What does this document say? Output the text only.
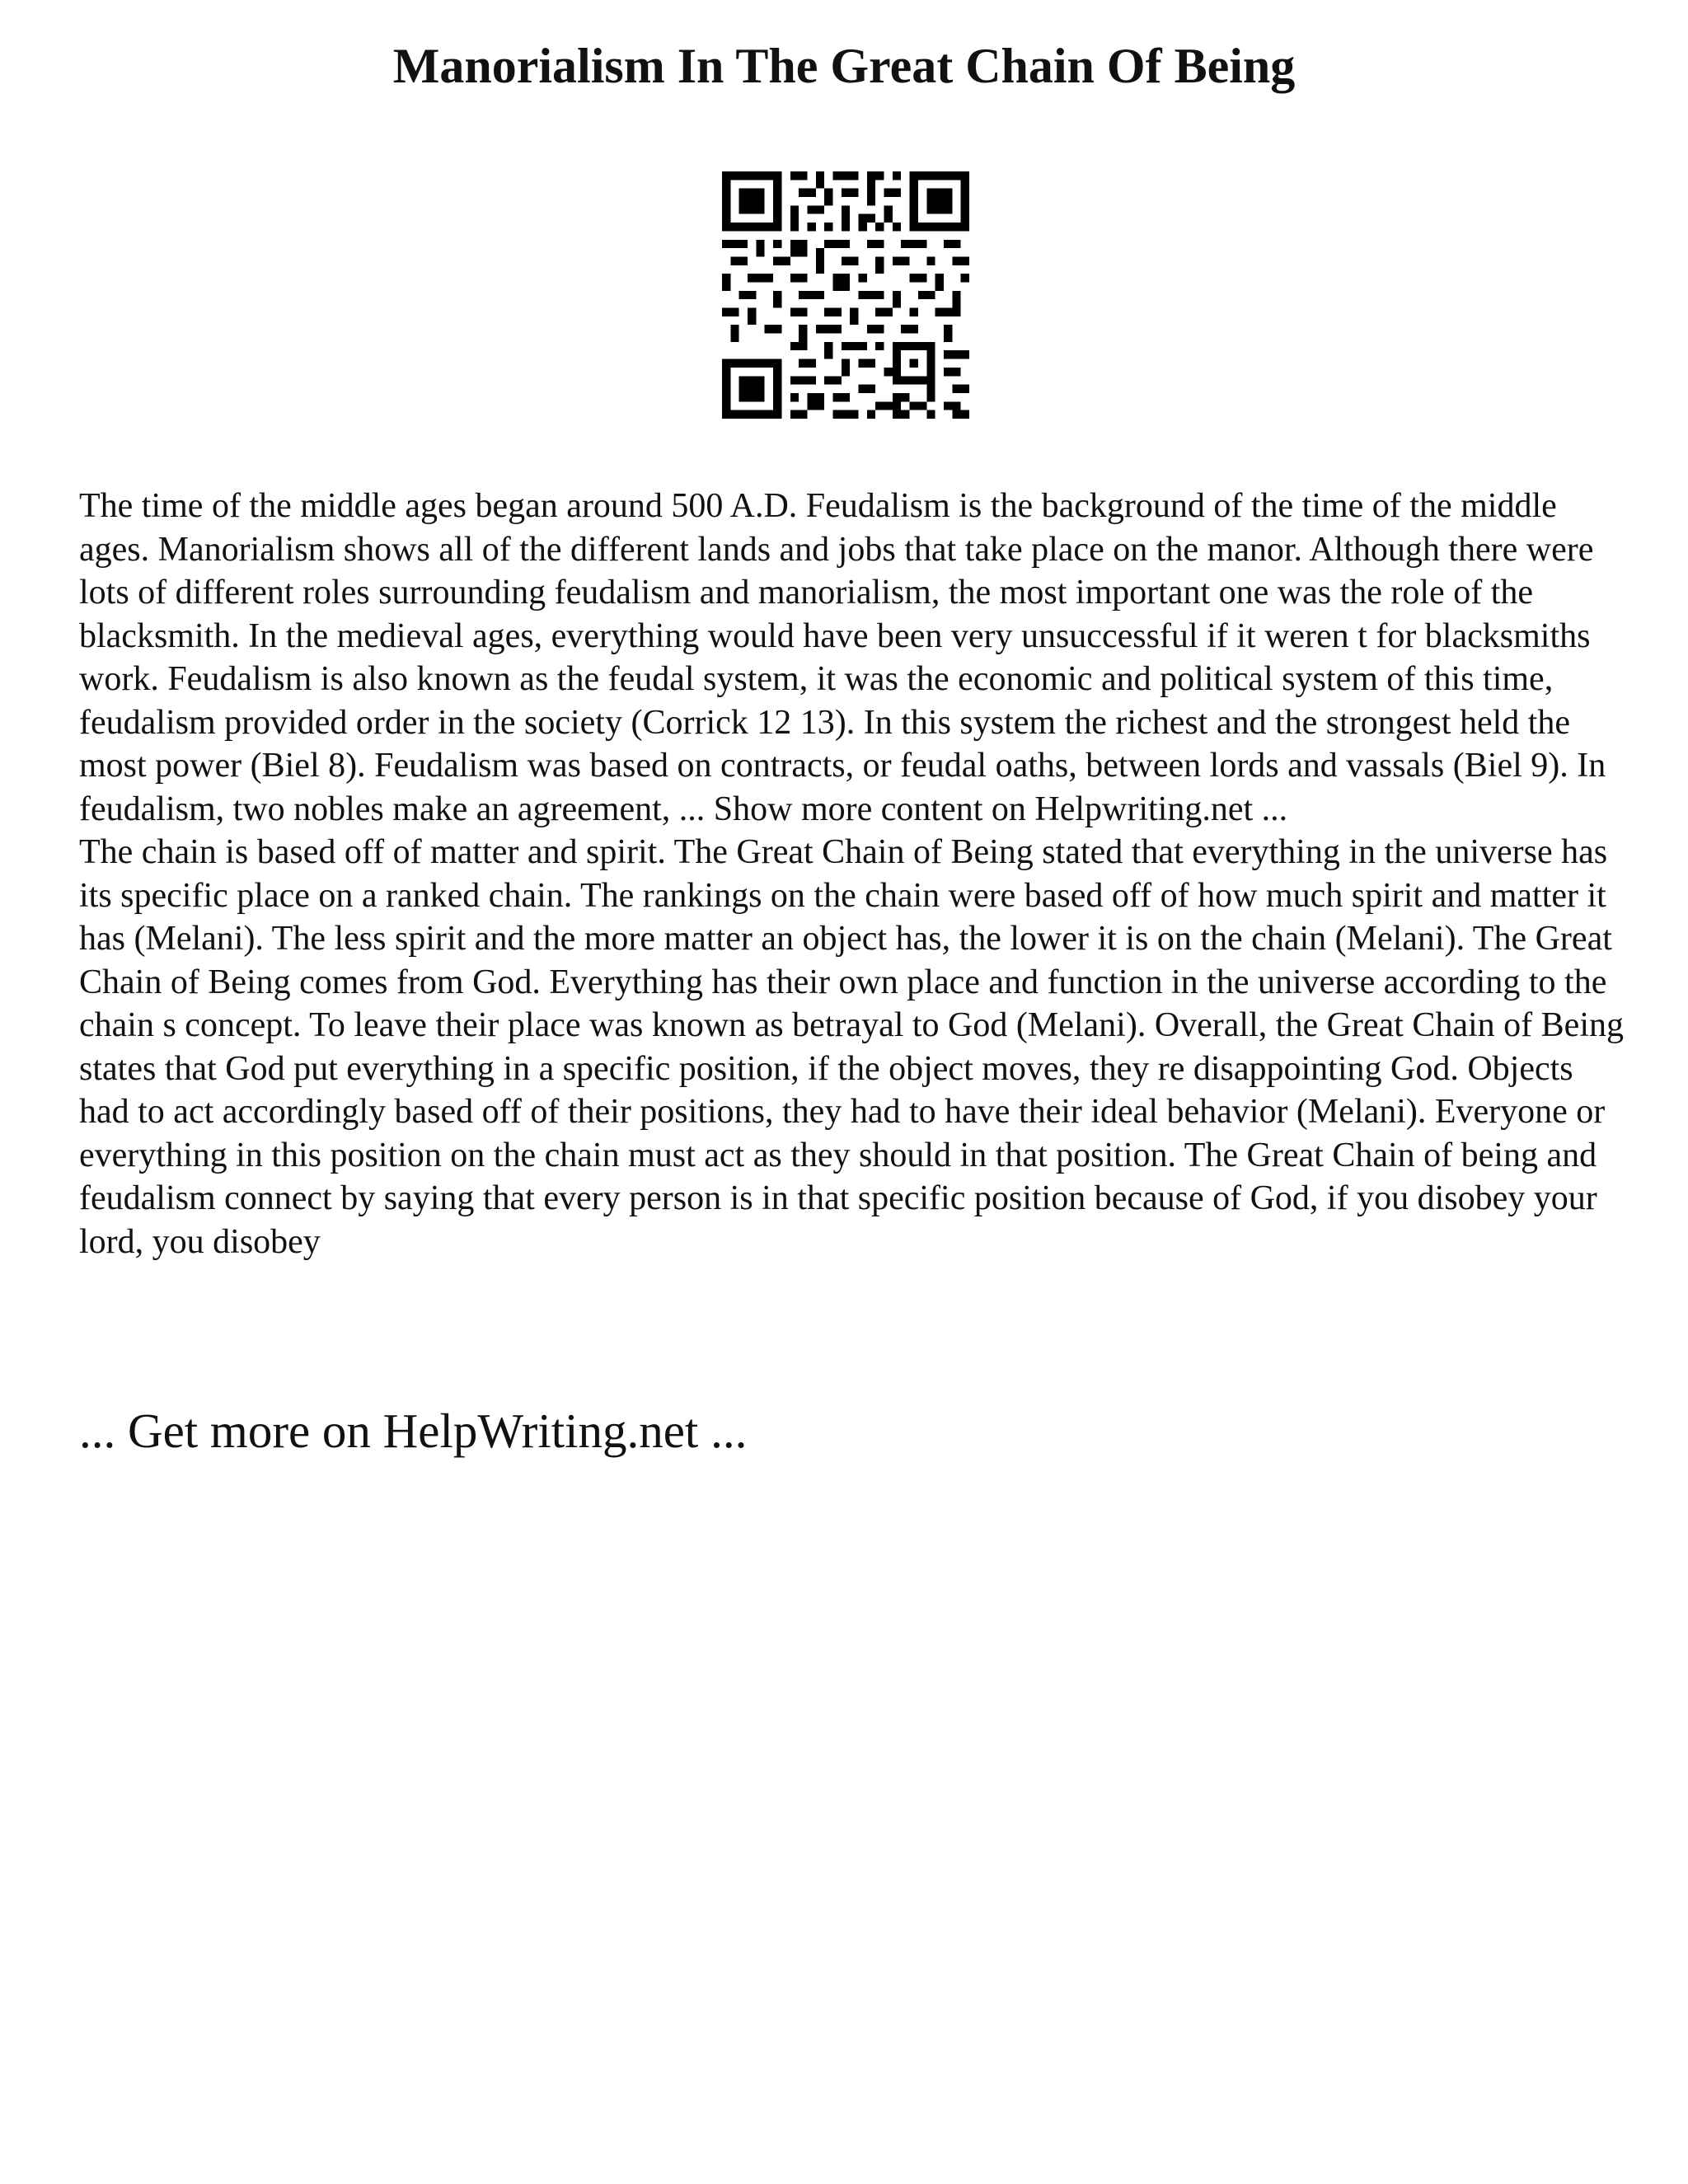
Manorialism In The Great Chain Of Being

The time of the middle ages began around 500 A.D. Feudalism is the background of the time of the middle ages. Manorialism shows all of the different lands and jobs that take place on the manor. Although there were lots of different roles surrounding feudalism and manorialism, the most important one was the role of the blacksmith. In the medieval ages, everything would have been very unsuccessful if it weren t for blacksmiths work. Feudalism is also known as the feudal system, it was the economic and political system of this time, feudalism provided order in the society (Corrick 12 13). In this system the richest and the strongest held the most power (Biel 8). Feudalism was based on contracts, or feudal oaths, between lords and vassals (Biel 9). In feudalism, two nobles make an agreement, ... Show more content on Helpwriting.net ...

The chain is based off of matter and spirit. The Great Chain of Being stated that everything in the universe has its specific place on a ranked chain. The rankings on the chain were based off of how much spirit and matter it has (Melani). The less spirit and the more matter an object has, the lower it is on the chain (Melani). The Great Chain of Being comes from God. Everything has their own place and function in the universe according to the chain s concept. To leave their place was known as betrayal to God (Melani). Overall, the Great Chain of Being states that God put everything in a specific position, if the object moves, they re disappointing God. Objects had to act accordingly based off of their positions, they had to have their ideal behavior (Melani). Everyone or everything in this position on the chain must act as they should in that position. The Great Chain of being and feudalism connect by saying that every person is in that specific position because of God, if you disobey your lord, you disobey

... Get more on HelpWriting.net ...
